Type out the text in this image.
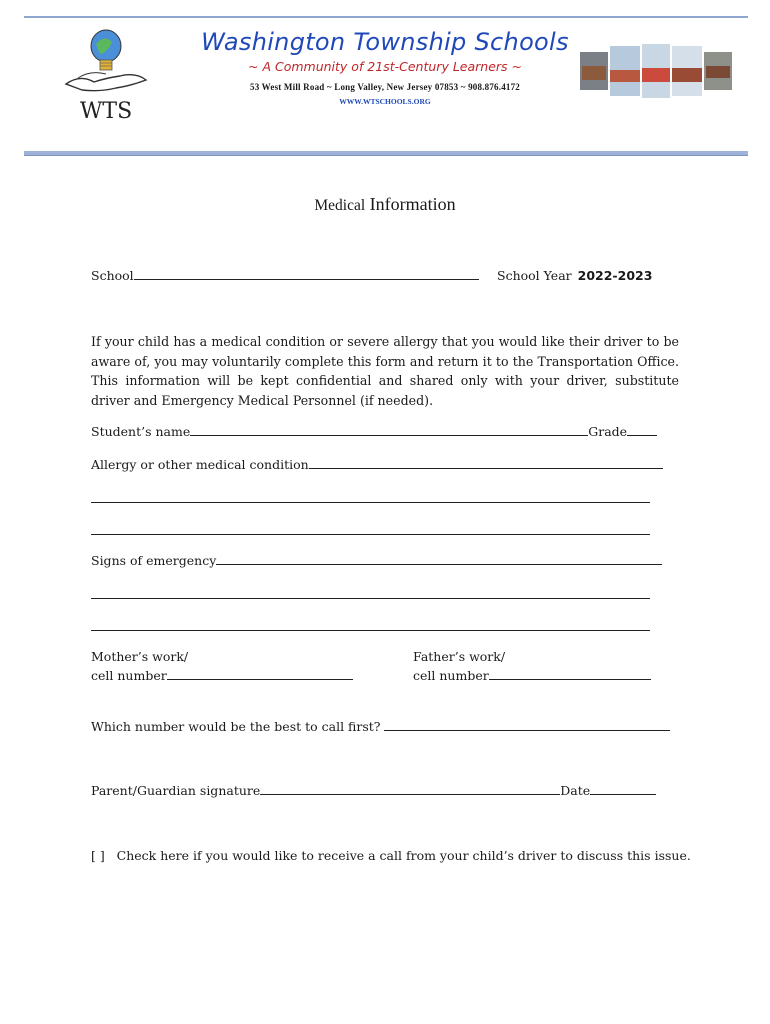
WTS
Washington Township Schools
~ A Community of 21st-Century Learners ~
53 West Mill Road ~ Long Valley, New Jersey 07853 ~ 908.876.4172
WWW.WTSCHOOLS.ORG
Medical Information
School	School Year 2022-2023
If your child has a medical condition or severe allergy that you would like their driver to be aware of, you may voluntarily complete this form and return it to the Transportation Office. This information will be kept confidential and shared only with your driver, substitute driver and Emergency Medical Personnel (if needed).
Student’s name	Grade
Allergy or other medical condition
Signs of emergency
Mother’s work/
cell number
Father’s work/
cell number
Which number would be the best to call first?
Parent/Guardian signature	Date
[ ] Check here if you would like to receive a call from your child’s driver to discuss this issue.
